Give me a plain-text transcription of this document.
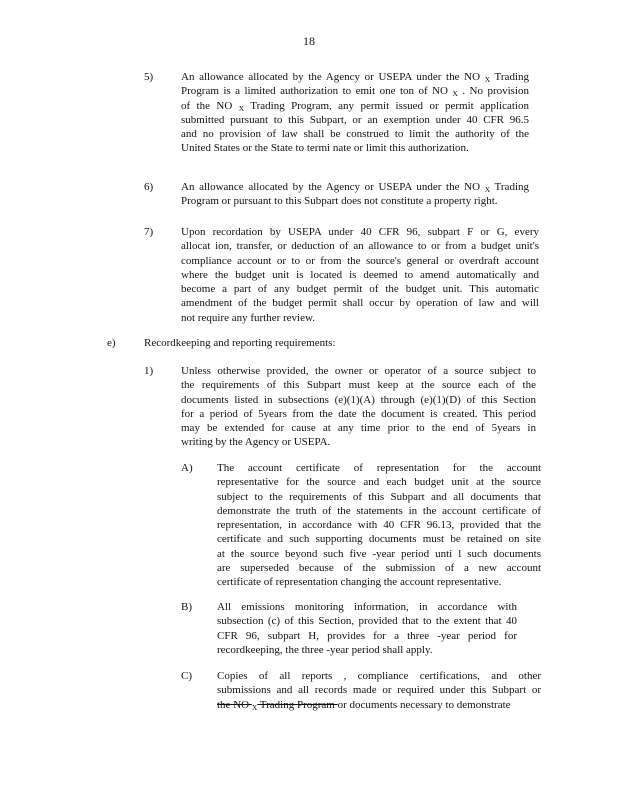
18
5)	An allowance allocated by the Agency or USEPA under the NO $_X$ Trading
Program is a limited authorization to emit one ton of NO $_X$ . No provision
of the NO $_X$ Trading Program, any permit issued or permit application
submitted pursuant to this Subpart, or an exemption under 40 CFR 96.5
and no provision of law shall be construed to limit the authority of the
United States or the State to termi nate or limit this authorization.
6)	An allowance allocated by the Agency or USEPA under the NO $_X$ Trading
Program or pursuant to this Subpart does not constitute a property right.
7)	Upon recordation by USEPA under 40 CFR 96, subpart F or G, every
allocat ion, transfer, or deduction of an allowance to or from a budget unit's
compliance account or to or from the source's general or overdraft account
where the budget unit is located is deemed to amend automatically and
become a part of any budget permit of the budget unit. This automatic
amendment of the budget permit shall occur by operation of law and will
not require any further review.
e)	Recordkeeping and reporting requirements:
1)	Unless otherwise provided, the owner or operator of a source subject to
the requirements of this Subpart must keep at the source each of the
documents listed in subsections (e)(1)(A) through (e)(1)(D) of this Section
for a period of 5years from the date the document is created. This period
may be extended for cause at any time prior to the end of 5years in
writing by the Agency or USEPA.
A) The account certificate of representation for the account
representative for the source and each budget unit at the source
subject to the requirements of this Subpart and all documents that
demonstrate the truth of the statements in the account certificate of
representation, in accordance with 40 CFR 96.13, provided that the
certificate and such supporting documents must be retained on site
at the source beyond such five -year period unti l such documents
are superseded because of the submission of a new account
certificate of representation changing the account representative.
B) All emissions monitoring information, in accordance with
subsection (c) of this Section, provided that to the extent that 40
CFR 96, subpart H, provides for a three -year period for
recordkeeping, the three -year period shall apply.
C) Copies of all reports , compliance certifications, and other
submissions and all records made or required under this Subpart or
the NO $_X$ Trading Program or documents necessary to demonstrate
